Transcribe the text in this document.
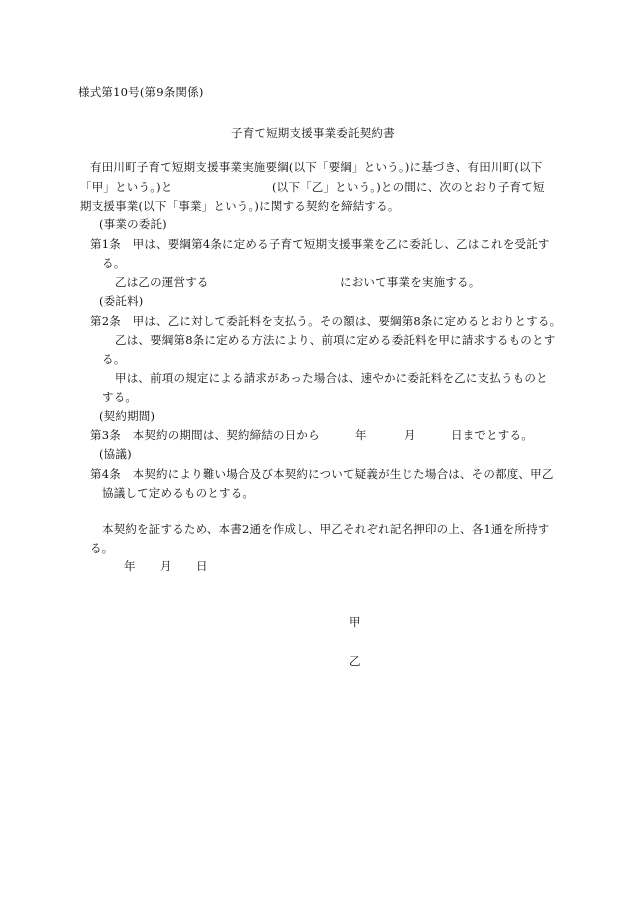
様式第10号(第9条関係)
子育て短期支援事業委託契約書
有田川町子育て短期支援事業実施要綱(以下「要綱」という。)に基づき、有田川町(以下
「甲」という。)と	(以下「乙」という。)との間に、次のとおり子育て短
期支援事業(以下「事業」という。)に関する契約を締結する。
(事業の委託)
第1条　甲は、要綱第4条に定める子育て短期支援事業を乙に委託し、乙はこれを受託す
る。
乙は乙の運営する	において事業を実施する。
(委託料)
第2条　甲は、乙に対して委託料を支払う。その額は、要綱第8条に定めるとおりとする。
乙は、要綱第8条に定める方法により、前項に定める委託料を甲に請求するものとす
る。
甲は、前項の規定による請求があった場合は、速やかに委託料を乙に支払うものと
する。
(契約期間)
第3条　本契約の期間は、契約締結の日から	年	月	日までとする。
(協議)
第4条　本契約により難い場合及び本契約について疑義が生じた場合は、その都度、甲乙
協議して定めるものとする。
本契約を証するため、本書2通を作成し、甲乙それぞれ記名押印の上、各1通を所持す
る。
年 月 日
甲
乙
